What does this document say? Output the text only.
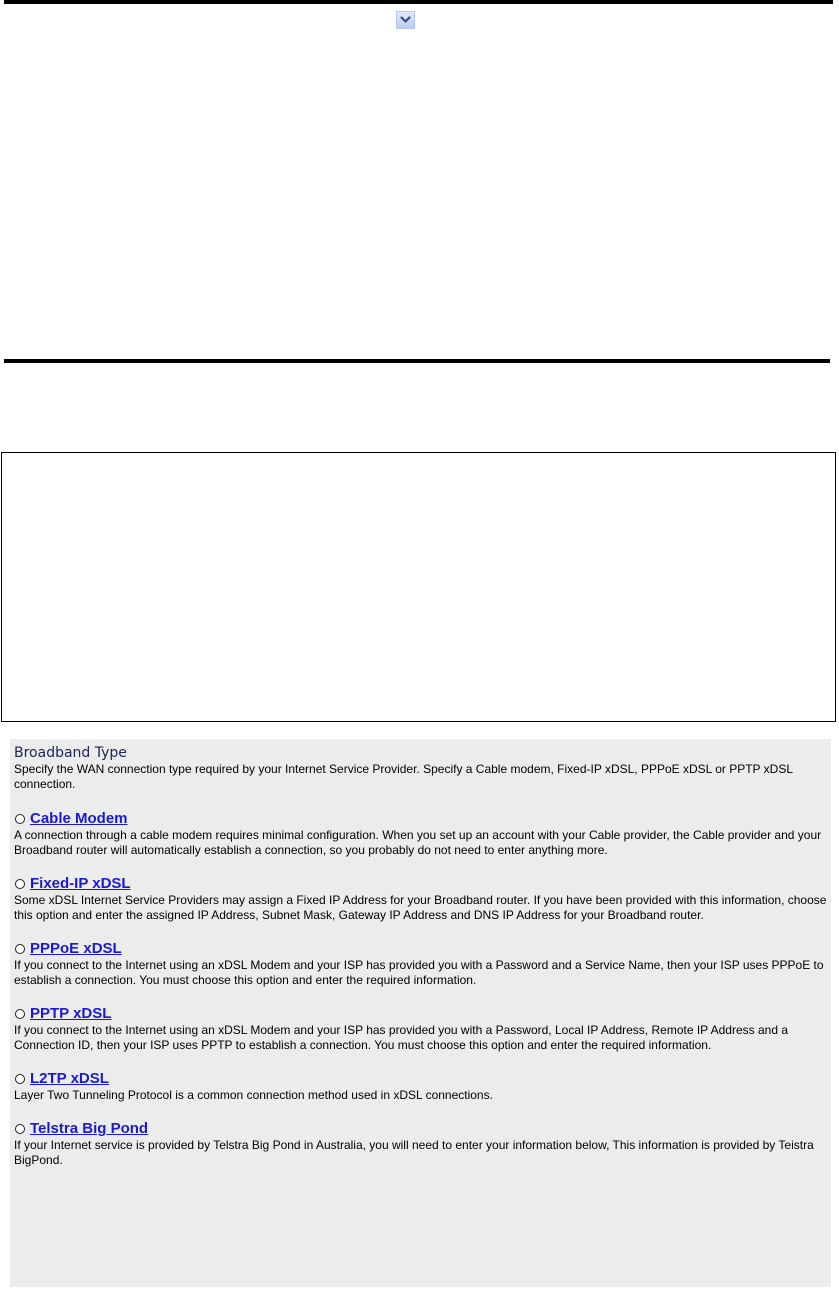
Broadband Type

Specify the WAN connection type required by your Internet Service Provider. Specify a Cable modem, Fixed-IP xDSL, PPPoE xDSL or PPTP xDSL connection.

Cable Modem

A connection through a cable modem requires minimal configuration. When you set up an account with your Cable provider, the Cable provider and your Broadband router will automatically establish a connection, so you probably do not need to enter anything more.

Fixed-IP xDSL

Some xDSL Internet Service Providers may assign a Fixed IP Address for your Broadband router. If you have been provided with this information, choose this option and enter the assigned IP Address, Subnet Mask, Gateway IP Address and DNS IP Address for your Broadband router.

PPPoE xDSL

If you connect to the Internet using an xDSL Modem and your ISP has provided you with a Password and a Service Name, then your ISP uses PPPoE to establish a connection. You must choose this option and enter the required information.

PPTP xDSL

If you connect to the Internet using an xDSL Modem and your ISP has provided you with a Password, Local IP Address, Remote IP Address and a Connection ID, then your ISP uses PPTP to establish a connection. You must choose this option and enter the required information.

L2TP xDSL

Layer Two Tunneling Protocol is a common connection method used in xDSL connections.

Telstra Big Pond

If your Internet service is provided by Telstra Big Pond in Australia, you will need to enter your information below, This information is provided by Teistra BigPond.
